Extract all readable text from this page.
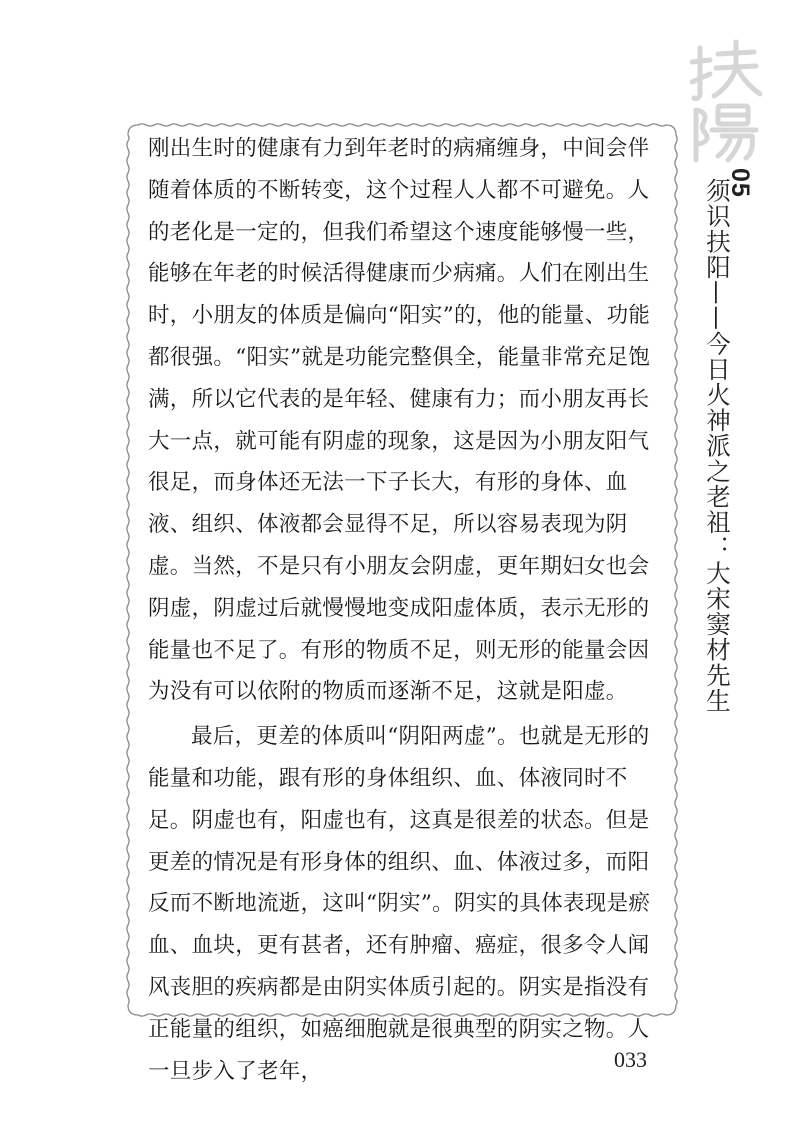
05
须识扶阳——今日火神派之老祖：大宋窦材先生

刚出生时的健康有力到年老时的病痛缠身，中间会伴随着体质的不断转变，这个过程人人都不可避免。人的老化是一定的，但我们希望这个速度能够慢一些，能够在年老的时候活得健康而少病痛。人们在刚出生时，小朋友的体质是偏向“阳实”的，他的能量、功能都很强。“阳实”就是功能完整俱全，能量非常充足饱满，所以它代表的是年轻、健康有力；而小朋友再长大一点，就可能有阴虚的现象，这是因为小朋友阳气很足，而身体还无法一下子长大，有形的身体、血液、组织、体液都会显得不足，所以容易表现为阴虚。当然，不是只有小朋友会阴虚，更年期妇女也会阴虚，阴虚过后就慢慢地变成阳虚体质，表示无形的能量也不足了。有形的物质不足，则无形的能量会因为没有可以依附的物质而逐渐不足，这就是阳虚。

最后，更差的体质叫“阴阳两虚”。也就是无形的能量和功能，跟有形的身体组织、血、体液同时不足。阴虚也有，阳虚也有，这真是很差的状态。但是更差的情况是有形身体的组织、血、体液过多，而阳反而不断地流逝，这叫“阴实”。阴实的具体表现是瘀血、血块，更有甚者，还有肿瘤、癌症，很多令人闻风丧胆的疾病都是由阴实体质引起的。阴实是指没有正能量的组织，如癌细胞就是很典型的阴实之物。人一旦步入了老年，	033
